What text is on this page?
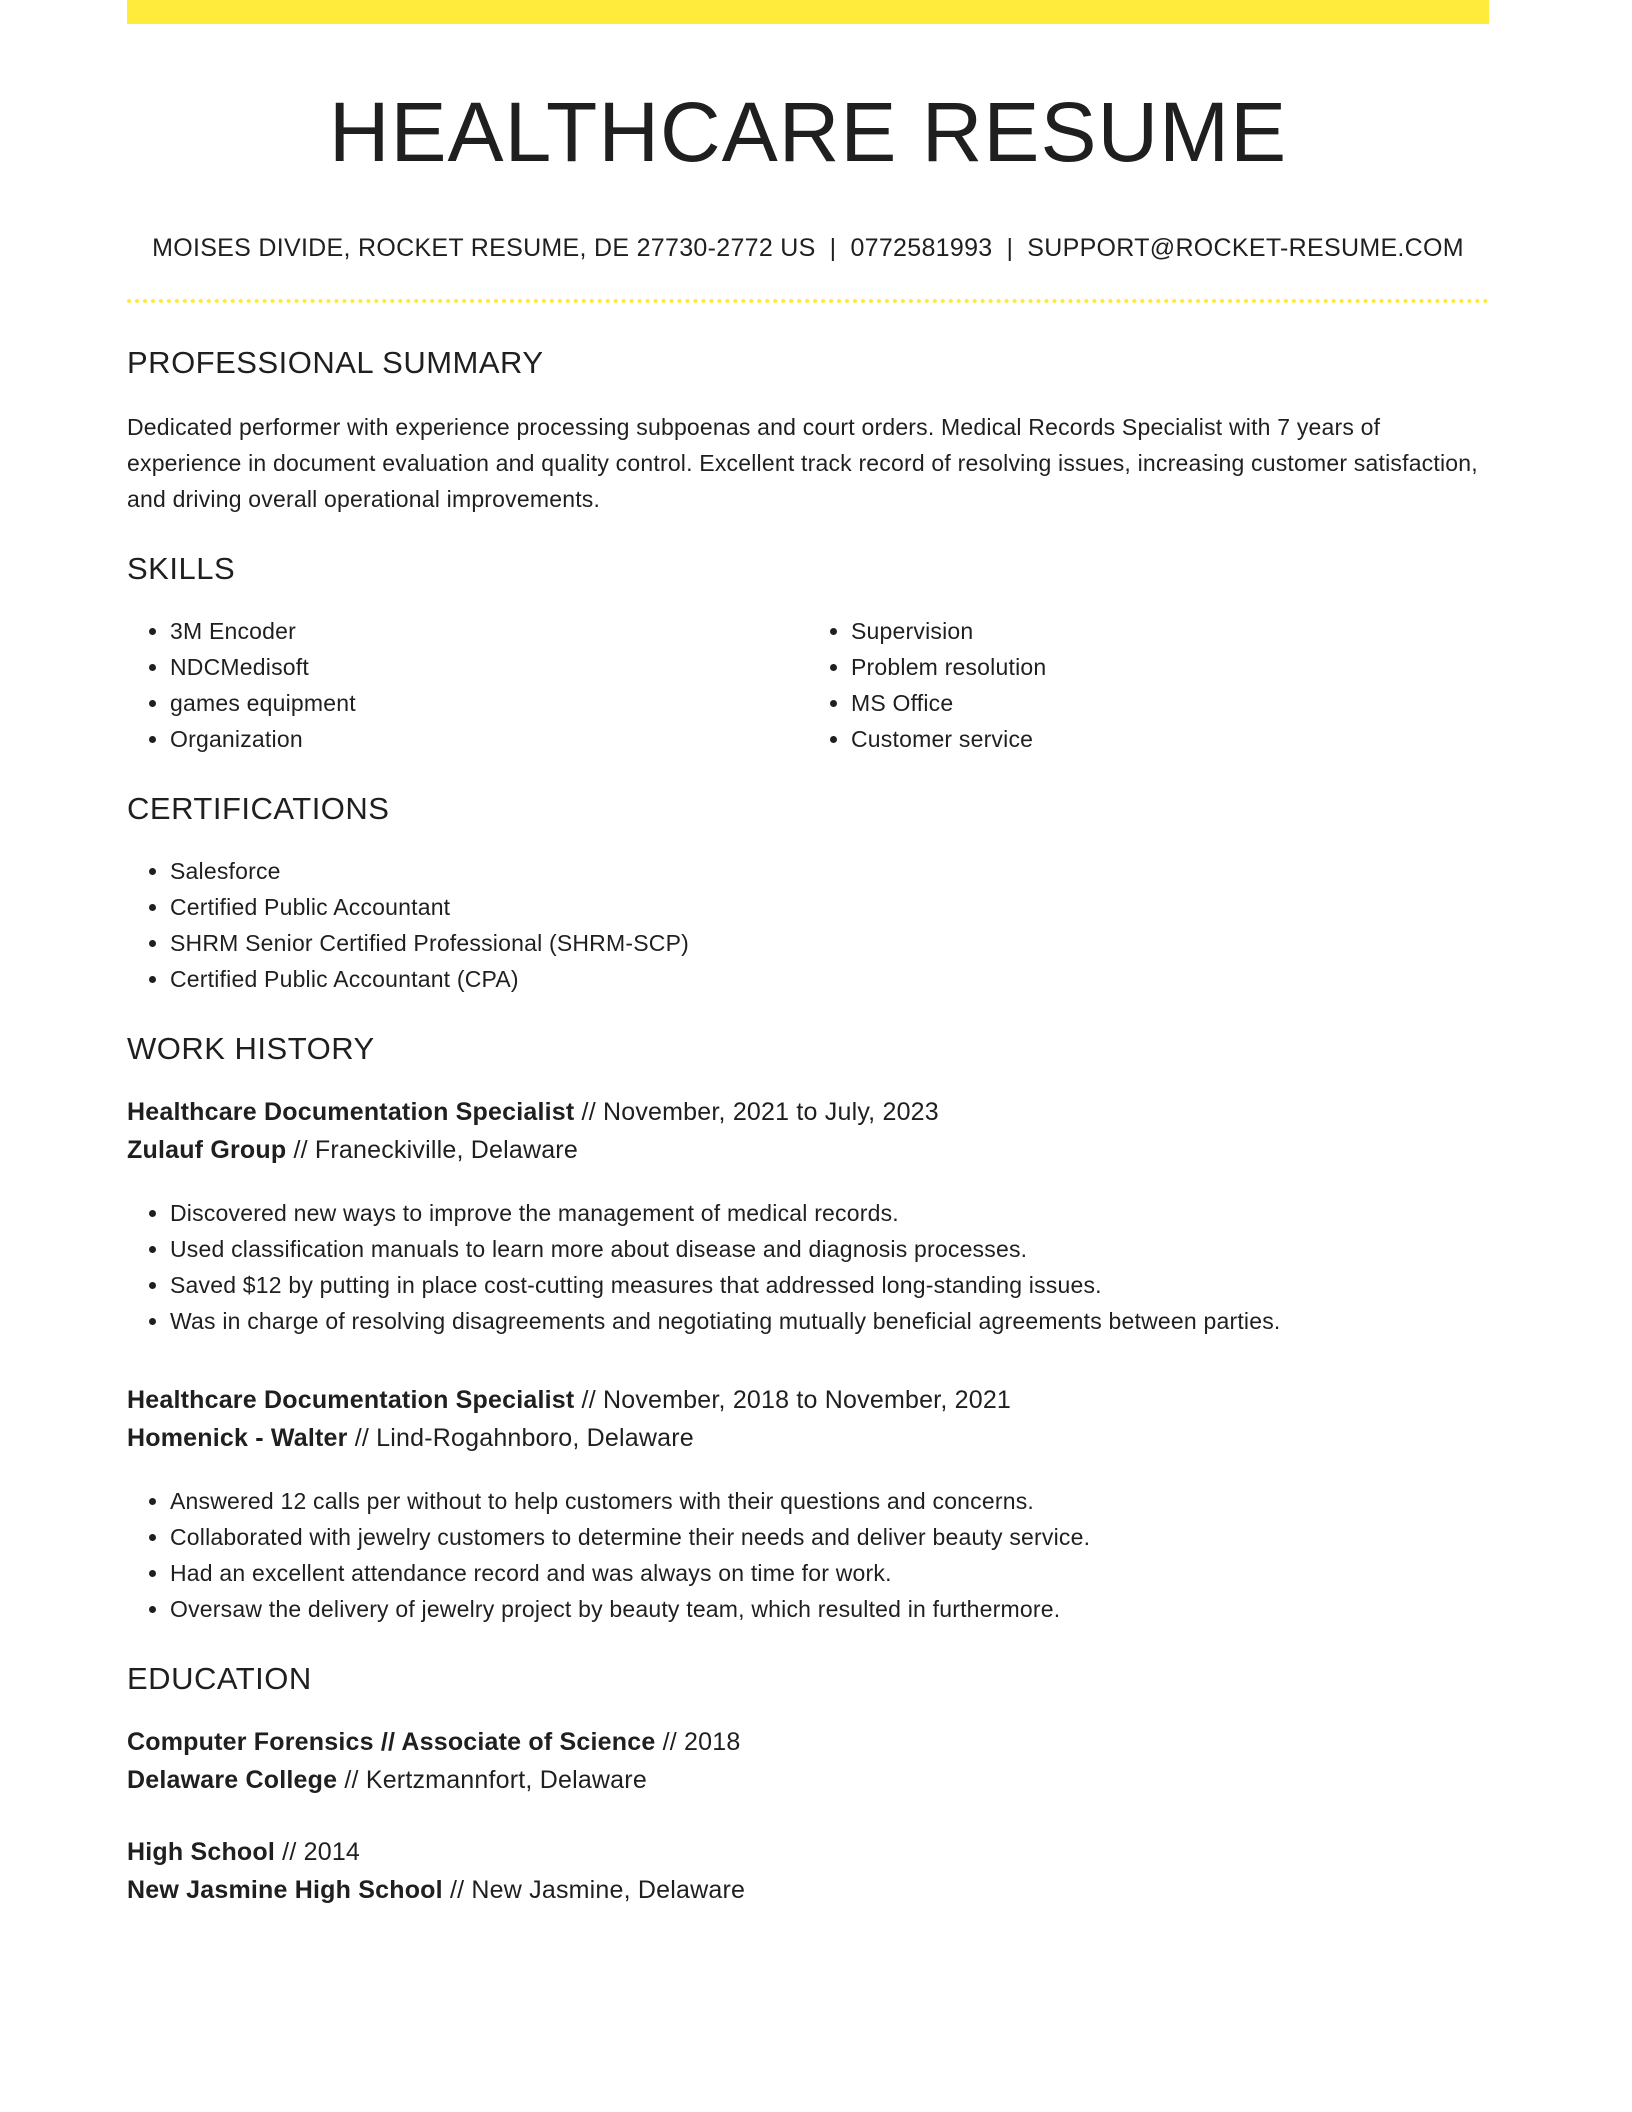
HEALTHCARE RESUME
MOISES DIVIDE, ROCKET RESUME, DE 27730-2772 US | 0772581993 | SUPPORT@ROCKET-RESUME.COM
PROFESSIONAL SUMMARY
Dedicated performer with experience processing subpoenas and court orders. Medical Records Specialist with 7 years of experience in document evaluation and quality control. Excellent track record of resolving issues, increasing customer satisfaction, and driving overall operational improvements.
SKILLS
• 3M Encoder
• NDCMedisoft
• games equipment
• Organization
• Supervision
• Problem resolution
• MS Office
• Customer service
CERTIFICATIONS
• Salesforce
• Certified Public Accountant
• SHRM Senior Certified Professional (SHRM-SCP)
• Certified Public Accountant (CPA)
WORK HISTORY
Healthcare Documentation Specialist // November, 2021 to July, 2023
Zulauf Group // Franeckiville, Delaware
• Discovered new ways to improve the management of medical records.
• Used classification manuals to learn more about disease and diagnosis processes.
• Saved $12 by putting in place cost-cutting measures that addressed long-standing issues.
• Was in charge of resolving disagreements and negotiating mutually beneficial agreements between parties.
Healthcare Documentation Specialist // November, 2018 to November, 2021
Homenick - Walter // Lind-Rogahnboro, Delaware
• Answered 12 calls per without to help customers with their questions and concerns.
• Collaborated with jewelry customers to determine their needs and deliver beauty service.
• Had an excellent attendance record and was always on time for work.
• Oversaw the delivery of jewelry project by beauty team, which resulted in furthermore.
EDUCATION
Computer Forensics // Associate of Science // 2018
Delaware College // Kertzmannfort, Delaware
High School // 2014
New Jasmine High School // New Jasmine, Delaware
